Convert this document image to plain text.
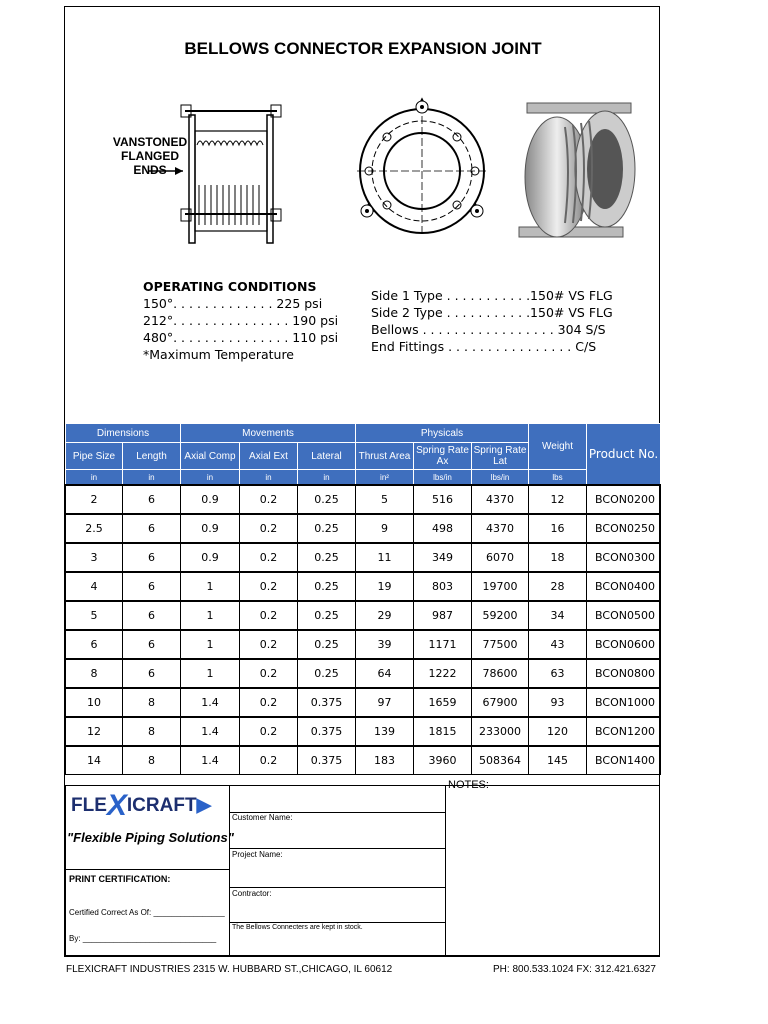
BELLOWS CONNECTOR EXPANSION JOINT
VANSTONED
FLANGED
ENDS
OPERATING CONDITIONS
150°. . . . . . . . . . . . . 225 psi
212°. . . . . . . . . . . . . . . 190 psi
480°. . . . . . . . . . . . . . . 110 psi
*Maximum Temperature
Side 1 Type . . . . . . . . . . .150# VS FLG
Side 2 Type . . . . . . . . . . .150# VS FLG
Bellows . . . . . . . . . . . . . . . . . 304 S/S
End Fittings . . . . . . . . . . . . . . . . C/S
Dimensions		Movements			Physicals			Weight	Product No.
Pipe Size	Length	Axial Comp	Axial Ext	Lateral	Thrust Area	Spring Rate Ax	Spring Rate Lat		
in	in	in	in	in	in²	lbs/in	lbs/in	lbs	
2	6	0.9	0.2	0.25	5	516	4370	12	BCON0200
2.5	6	0.9	0.2	0.25	9	498	4370	16	BCON0250
3	6	0.9	0.2	0.25	11	349	6070	18	BCON0300
4	6	1	0.2	0.25	19	803	19700	28	BCON0400
5	6	1	0.2	0.25	29	987	59200	34	BCON0500
6	6	1	0.2	0.25	39	1171	77500	43	BCON0600
8	6	1	0.2	0.25	64	1222	78600	63	BCON0800
10	8	1.4	0.2	0.375	97	1659	67900	93	BCON1000
12	8	1.4	0.2	0.375	139	1815	233000	120	BCON1200
14	8	1.4	0.2	0.375	183	3960	508364	145	BCON1400
FLEXICRAFT▶
"Flexible Piping Solutions"
PRINT CERTIFICATION:
Certified Correct As Of: ________________
By: ______________________________
Customer Name:
Project Name:
Contractor:
The Bellows Connecters are kept in stock.
NOTES:
FLEXICRAFT INDUSTRIES 2315 W. HUBBARD ST.,CHICAGO, IL 60612	PH: 800.533.1024 FX: 312.421.6327
